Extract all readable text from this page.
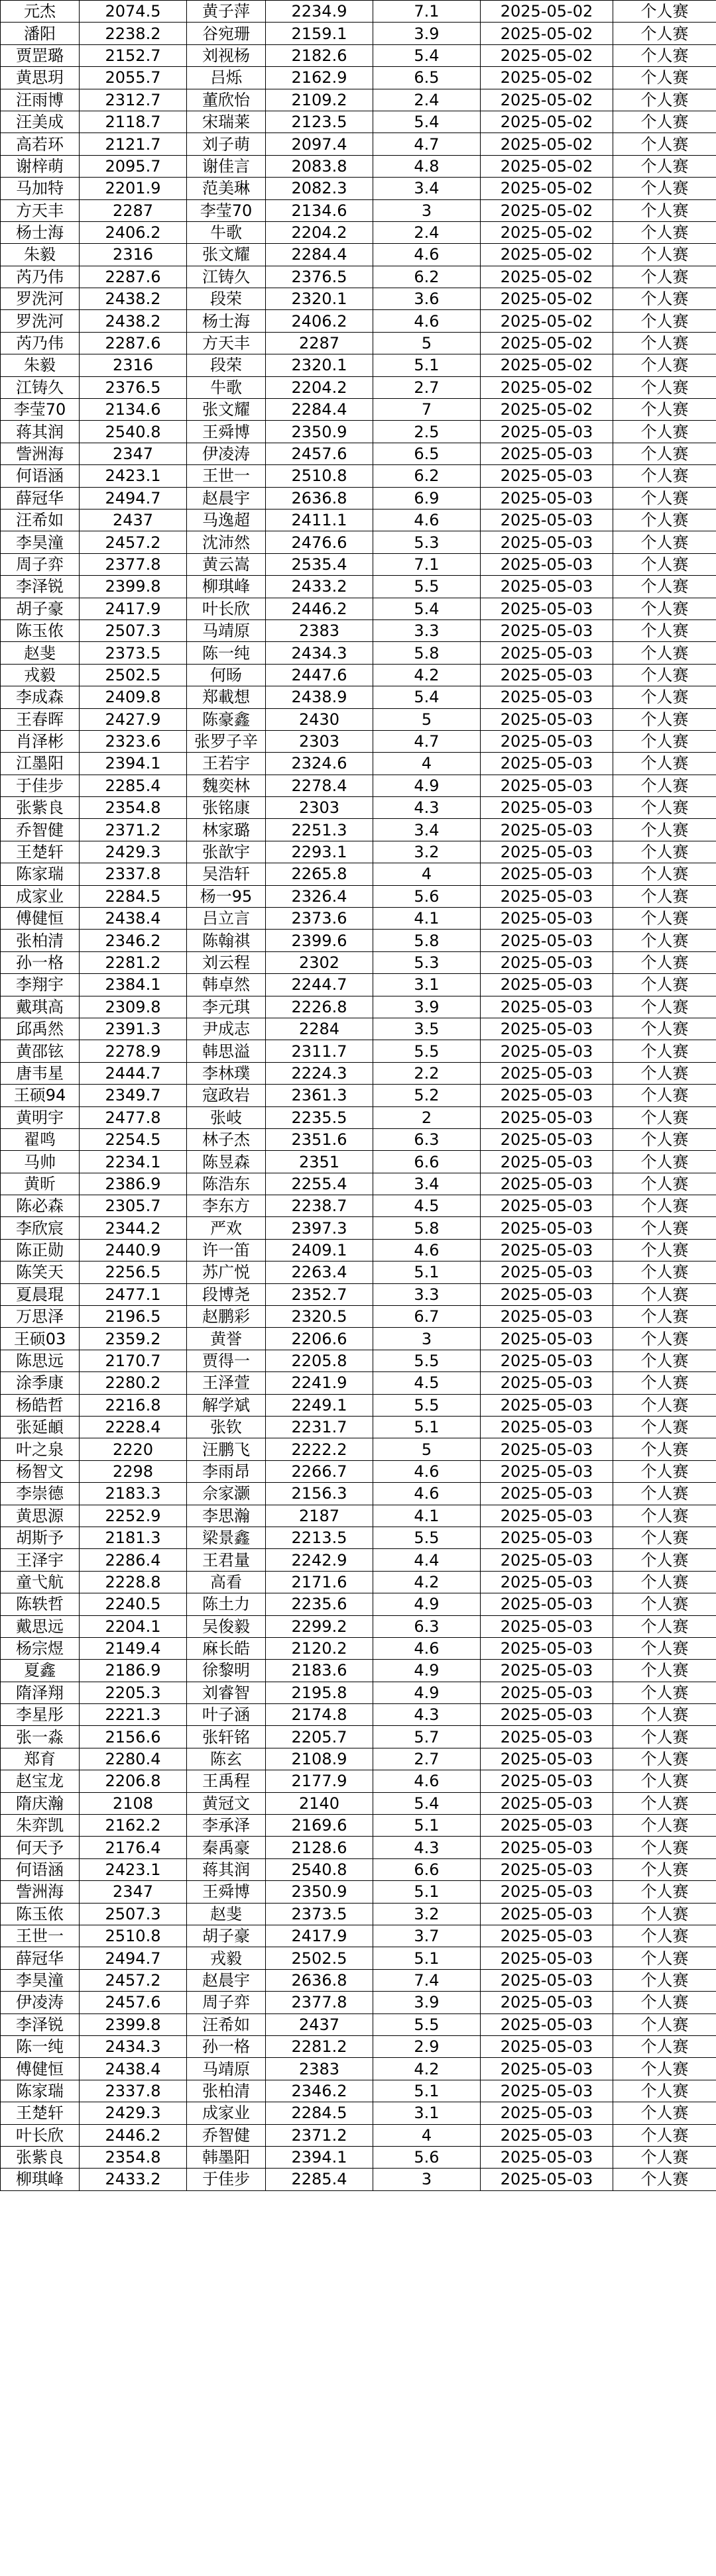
元杰	2074.5	黄子萍	2234.9	7.1	2025-05-02	个人赛
潘阳	2238.2	谷宛珊	2159.1	3.9	2025-05-02	个人赛
贾罡璐	2152.7	刘视杨	2182.6	5.4	2025-05-02	个人赛
黄思玥	2055.7	吕烁	2162.9	6.5	2025-05-02	个人赛
汪雨博	2312.7	董欣怡	2109.2	2.4	2025-05-02	个人赛
汪美成	2118.7	宋瑞莱	2123.5	5.4	2025-05-02	个人赛
高若环	2121.7	刘子萌	2097.4	4.7	2025-05-02	个人赛
谢梓萌	2095.7	谢佳言	2083.8	4.8	2025-05-02	个人赛
马加特	2201.9	范美琳	2082.3	3.4	2025-05-02	个人赛
方天丰	2287	李莹70	2134.6	3	2025-05-02	个人赛
杨士海	2406.2	牛歌	2204.2	2.4	2025-05-02	个人赛
朱毅	2316	张文耀	2284.4	4.6	2025-05-02	个人赛
芮乃伟	2287.6	江铸久	2376.5	6.2	2025-05-02	个人赛
罗洗河	2438.2	段荣	2320.1	3.6	2025-05-02	个人赛
罗洗河	2438.2	杨士海	2406.2	4.6	2025-05-02	个人赛
芮乃伟	2287.6	方天丰	2287	5	2025-05-02	个人赛
朱毅	2316	段荣	2320.1	5.1	2025-05-02	个人赛
江铸久	2376.5	牛歌	2204.2	2.7	2025-05-02	个人赛
李莹70	2134.6	张文耀	2284.4	7	2025-05-02	个人赛
蒋其润	2540.8	王舜博	2350.9	2.5	2025-05-03	个人赛
訾洲海	2347	伊凌涛	2457.6	6.5	2025-05-03	个人赛
何语涵	2423.1	王世一	2510.8	6.2	2025-05-03	个人赛
薛冠华	2494.7	赵晨宇	2636.8	6.9	2025-05-03	个人赛
汪希如	2437	马逸超	2411.1	4.6	2025-05-03	个人赛
李昊潼	2457.2	沈沛然	2476.6	5.3	2025-05-03	个人赛
周子弈	2377.8	黄云嵩	2535.4	7.1	2025-05-03	个人赛
李泽锐	2399.8	柳琪峰	2433.2	5.5	2025-05-03	个人赛
胡子豪	2417.9	叶长欣	2446.2	5.4	2025-05-03	个人赛
陈玉侬	2507.3	马靖原	2383	3.3	2025-05-03	个人赛
赵斐	2373.5	陈一纯	2434.3	5.8	2025-05-03	个人赛
戎毅	2502.5	何旸	2447.6	4.2	2025-05-03	个人赛
李成森	2409.8	郑載想	2438.9	5.4	2025-05-03	个人赛
王春晖	2427.9	陈豪鑫	2430	5	2025-05-03	个人赛
肖泽彬	2323.6	张罗子辛	2303	4.7	2025-05-03	个人赛
江墨阳	2394.1	王若宇	2324.6	4	2025-05-03	个人赛
于佳步	2285.4	魏奕林	2278.4	4.9	2025-05-03	个人赛
张紫良	2354.8	张铭康	2303	4.3	2025-05-03	个人赛
乔智健	2371.2	林家璐	2251.3	3.4	2025-05-03	个人赛
王楚轩	2429.3	张歆宇	2293.1	3.2	2025-05-03	个人赛
陈家瑞	2337.8	吴浩轩	2265.8	4	2025-05-03	个人赛
成家业	2284.5	杨一95	2326.4	5.6	2025-05-03	个人赛
傅健恒	2438.4	吕立言	2373.6	4.1	2025-05-03	个人赛
张柏清	2346.2	陈翰祺	2399.6	5.8	2025-05-03	个人赛
孙一格	2281.2	刘云程	2302	5.3	2025-05-03	个人赛
李翔宇	2384.1	韩卓然	2244.7	3.1	2025-05-03	个人赛
戴琪高	2309.8	李元琪	2226.8	3.9	2025-05-03	个人赛
邱禹然	2391.3	尹成志	2284	3.5	2025-05-03	个人赛
黄邵铉	2278.9	韩思溢	2311.7	5.5	2025-05-03	个人赛
唐韦星	2444.7	李林璞	2224.3	2.2	2025-05-03	个人赛
王硕94	2349.7	寇政岩	2361.3	5.2	2025-05-03	个人赛
黄明宇	2477.8	张岐	2235.5	2	2025-05-03	个人赛
翟鸣	2254.5	林子杰	2351.6	6.3	2025-05-03	个人赛
马帅	2234.1	陈昱森	2351	6.6	2025-05-03	个人赛
黄昕	2386.9	陈浩东	2255.4	3.4	2025-05-03	个人赛
陈必森	2305.7	李东方	2238.7	4.5	2025-05-03	个人赛
李欣宸	2344.2	严欢	2397.3	5.8	2025-05-03	个人赛
陈正勋	2440.9	许一笛	2409.1	4.6	2025-05-03	个人赛
陈笑天	2256.5	苏广悦	2263.4	5.1	2025-05-03	个人赛
夏晨琨	2477.1	段博尧	2352.7	3.3	2025-05-03	个人赛
万思泽	2196.5	赵鹏彩	2320.5	6.7	2025-05-03	个人赛
王硕03	2359.2	黄誉	2206.6	3	2025-05-03	个人赛
陈思远	2170.7	贾得一	2205.8	5.5	2025-05-03	个人赛
涂季康	2280.2	王泽萱	2241.9	4.5	2025-05-03	个人赛
杨皓哲	2216.8	解学斌	2249.1	5.5	2025-05-03	个人赛
张延頔	2228.4	张钦	2231.7	5.1	2025-05-03	个人赛
叶之泉	2220	汪鹏飞	2222.2	5	2025-05-03	个人赛
杨智文	2298	李雨昂	2266.7	4.6	2025-05-03	个人赛
李崇德	2183.3	佘家灏	2156.3	4.6	2025-05-03	个人赛
黄思源	2252.9	李思瀚	2187	4.1	2025-05-03	个人赛
胡斯予	2181.3	梁景鑫	2213.5	5.5	2025-05-03	个人赛
王泽宇	2286.4	王君量	2242.9	4.4	2025-05-03	个人赛
童弋航	2228.8	高看	2171.6	4.2	2025-05-03	个人赛
陈轶哲	2240.5	陈土力	2235.6	4.9	2025-05-03	个人赛
戴思远	2204.1	吴俊毅	2299.2	6.3	2025-05-03	个人赛
杨宗煜	2149.4	麻长皓	2120.2	4.6	2025-05-03	个人赛
夏鑫	2186.9	徐黎明	2183.6	4.9	2025-05-03	个人赛
隋泽翔	2205.3	刘睿智	2195.8	4.9	2025-05-03	个人赛
李星彤	2221.3	叶子涵	2174.8	4.3	2025-05-03	个人赛
张一淼	2156.6	张轩铭	2205.7	5.7	2025-05-03	个人赛
郑育	2280.4	陈玄	2108.9	2.7	2025-05-03	个人赛
赵宝龙	2206.8	王禹程	2177.9	4.6	2025-05-03	个人赛
隋庆瀚	2108	黄冠文	2140	5.4	2025-05-03	个人赛
朱弈凯	2162.2	李承泽	2169.6	5.1	2025-05-03	个人赛
何天予	2176.4	秦禹豪	2128.6	4.3	2025-05-03	个人赛
何语涵	2423.1	蒋其润	2540.8	6.6	2025-05-03	个人赛
訾洲海	2347	王舜博	2350.9	5.1	2025-05-03	个人赛
陈玉侬	2507.3	赵斐	2373.5	3.2	2025-05-03	个人赛
王世一	2510.8	胡子豪	2417.9	3.7	2025-05-03	个人赛
薛冠华	2494.7	戎毅	2502.5	5.1	2025-05-03	个人赛
李昊潼	2457.2	赵晨宇	2636.8	7.4	2025-05-03	个人赛
伊凌涛	2457.6	周子弈	2377.8	3.9	2025-05-03	个人赛
李泽锐	2399.8	汪希如	2437	5.5	2025-05-03	个人赛
陈一纯	2434.3	孙一格	2281.2	2.9	2025-05-03	个人赛
傅健恒	2438.4	马靖原	2383	4.2	2025-05-03	个人赛
陈家瑞	2337.8	张柏清	2346.2	5.1	2025-05-03	个人赛
王楚轩	2429.3	成家业	2284.5	3.1	2025-05-03	个人赛
叶长欣	2446.2	乔智健	2371.2	4	2025-05-03	个人赛
张紫良	2354.8	韩墨阳	2394.1	5.6	2025-05-03	个人赛
柳琪峰	2433.2	于佳步	2285.4	3	2025-05-03	个人赛
